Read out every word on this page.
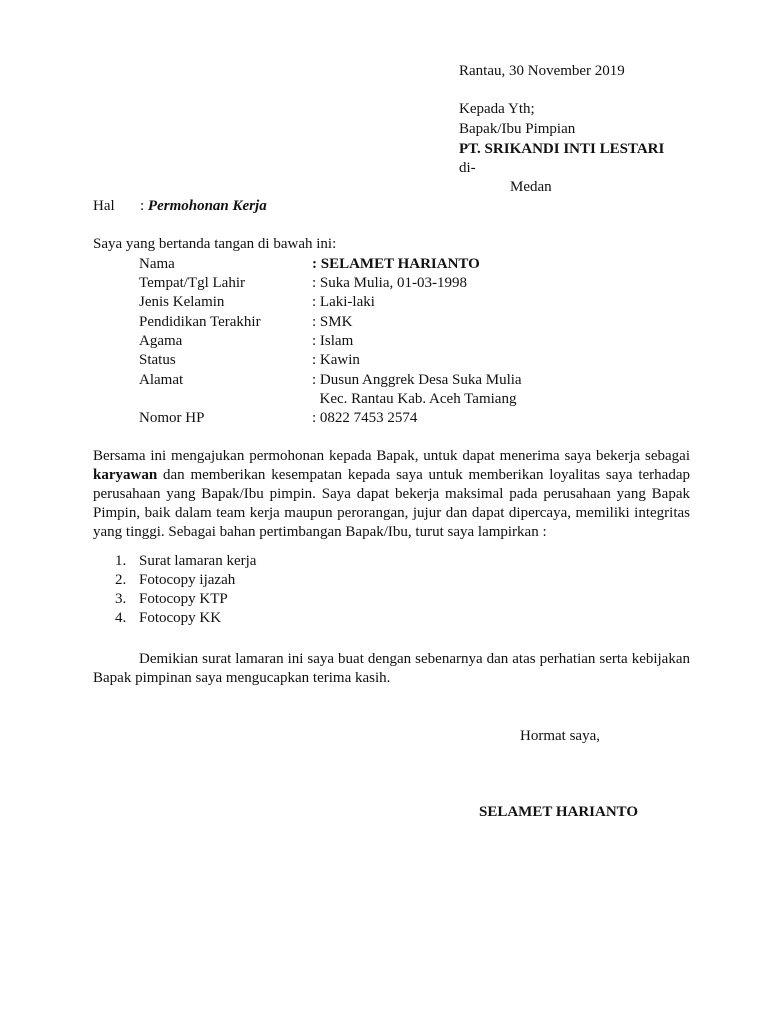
Rantau, 30 November 2019
Kepada Yth;
Bapak/Ibu Pimpian
PT. SRIKANDI INTI LESTARI
di-
Medan
Hal : Permohonan Kerja
Saya yang bertanda tangan di bawah ini:
Nama	: SELAMET HARIANTO
Tempat/Tgl Lahir	: Suka Mulia, 01-03-1998
Jenis Kelamin	: Laki-laki
Pendidikan Terakhir	: SMK
Agama	: Islam
Status	: Kawin
Alamat	: Dusun Anggrek Desa Suka Mulia
Kec. Rantau Kab. Aceh Tamiang
Nomor HP	: 0822 7453 2574
Bersama ini mengajukan permohonan kepada Bapak, untuk dapat menerima saya bekerja sebagai karyawan dan memberikan kesempatan kepada saya untuk memberikan loyalitas saya terhadap perusahaan yang Bapak/Ibu pimpin. Saya dapat bekerja maksimal pada perusahaan yang Bapak Pimpin, baik dalam team kerja maupun perorangan, jujur dan dapat dipercaya, memiliki integritas yang tinggi. Sebagai bahan pertimbangan Bapak/Ibu, turut saya lampirkan :
1. Surat lamaran kerja
2. Fotocopy ijazah
3. Fotocopy KTP
4. Fotocopy KK
Demikian surat lamaran ini saya buat dengan sebenarnya dan atas perhatian serta kebijakan Bapak pimpinan saya mengucapkan terima kasih.
Hormat saya,
SELAMET HARIANTO
